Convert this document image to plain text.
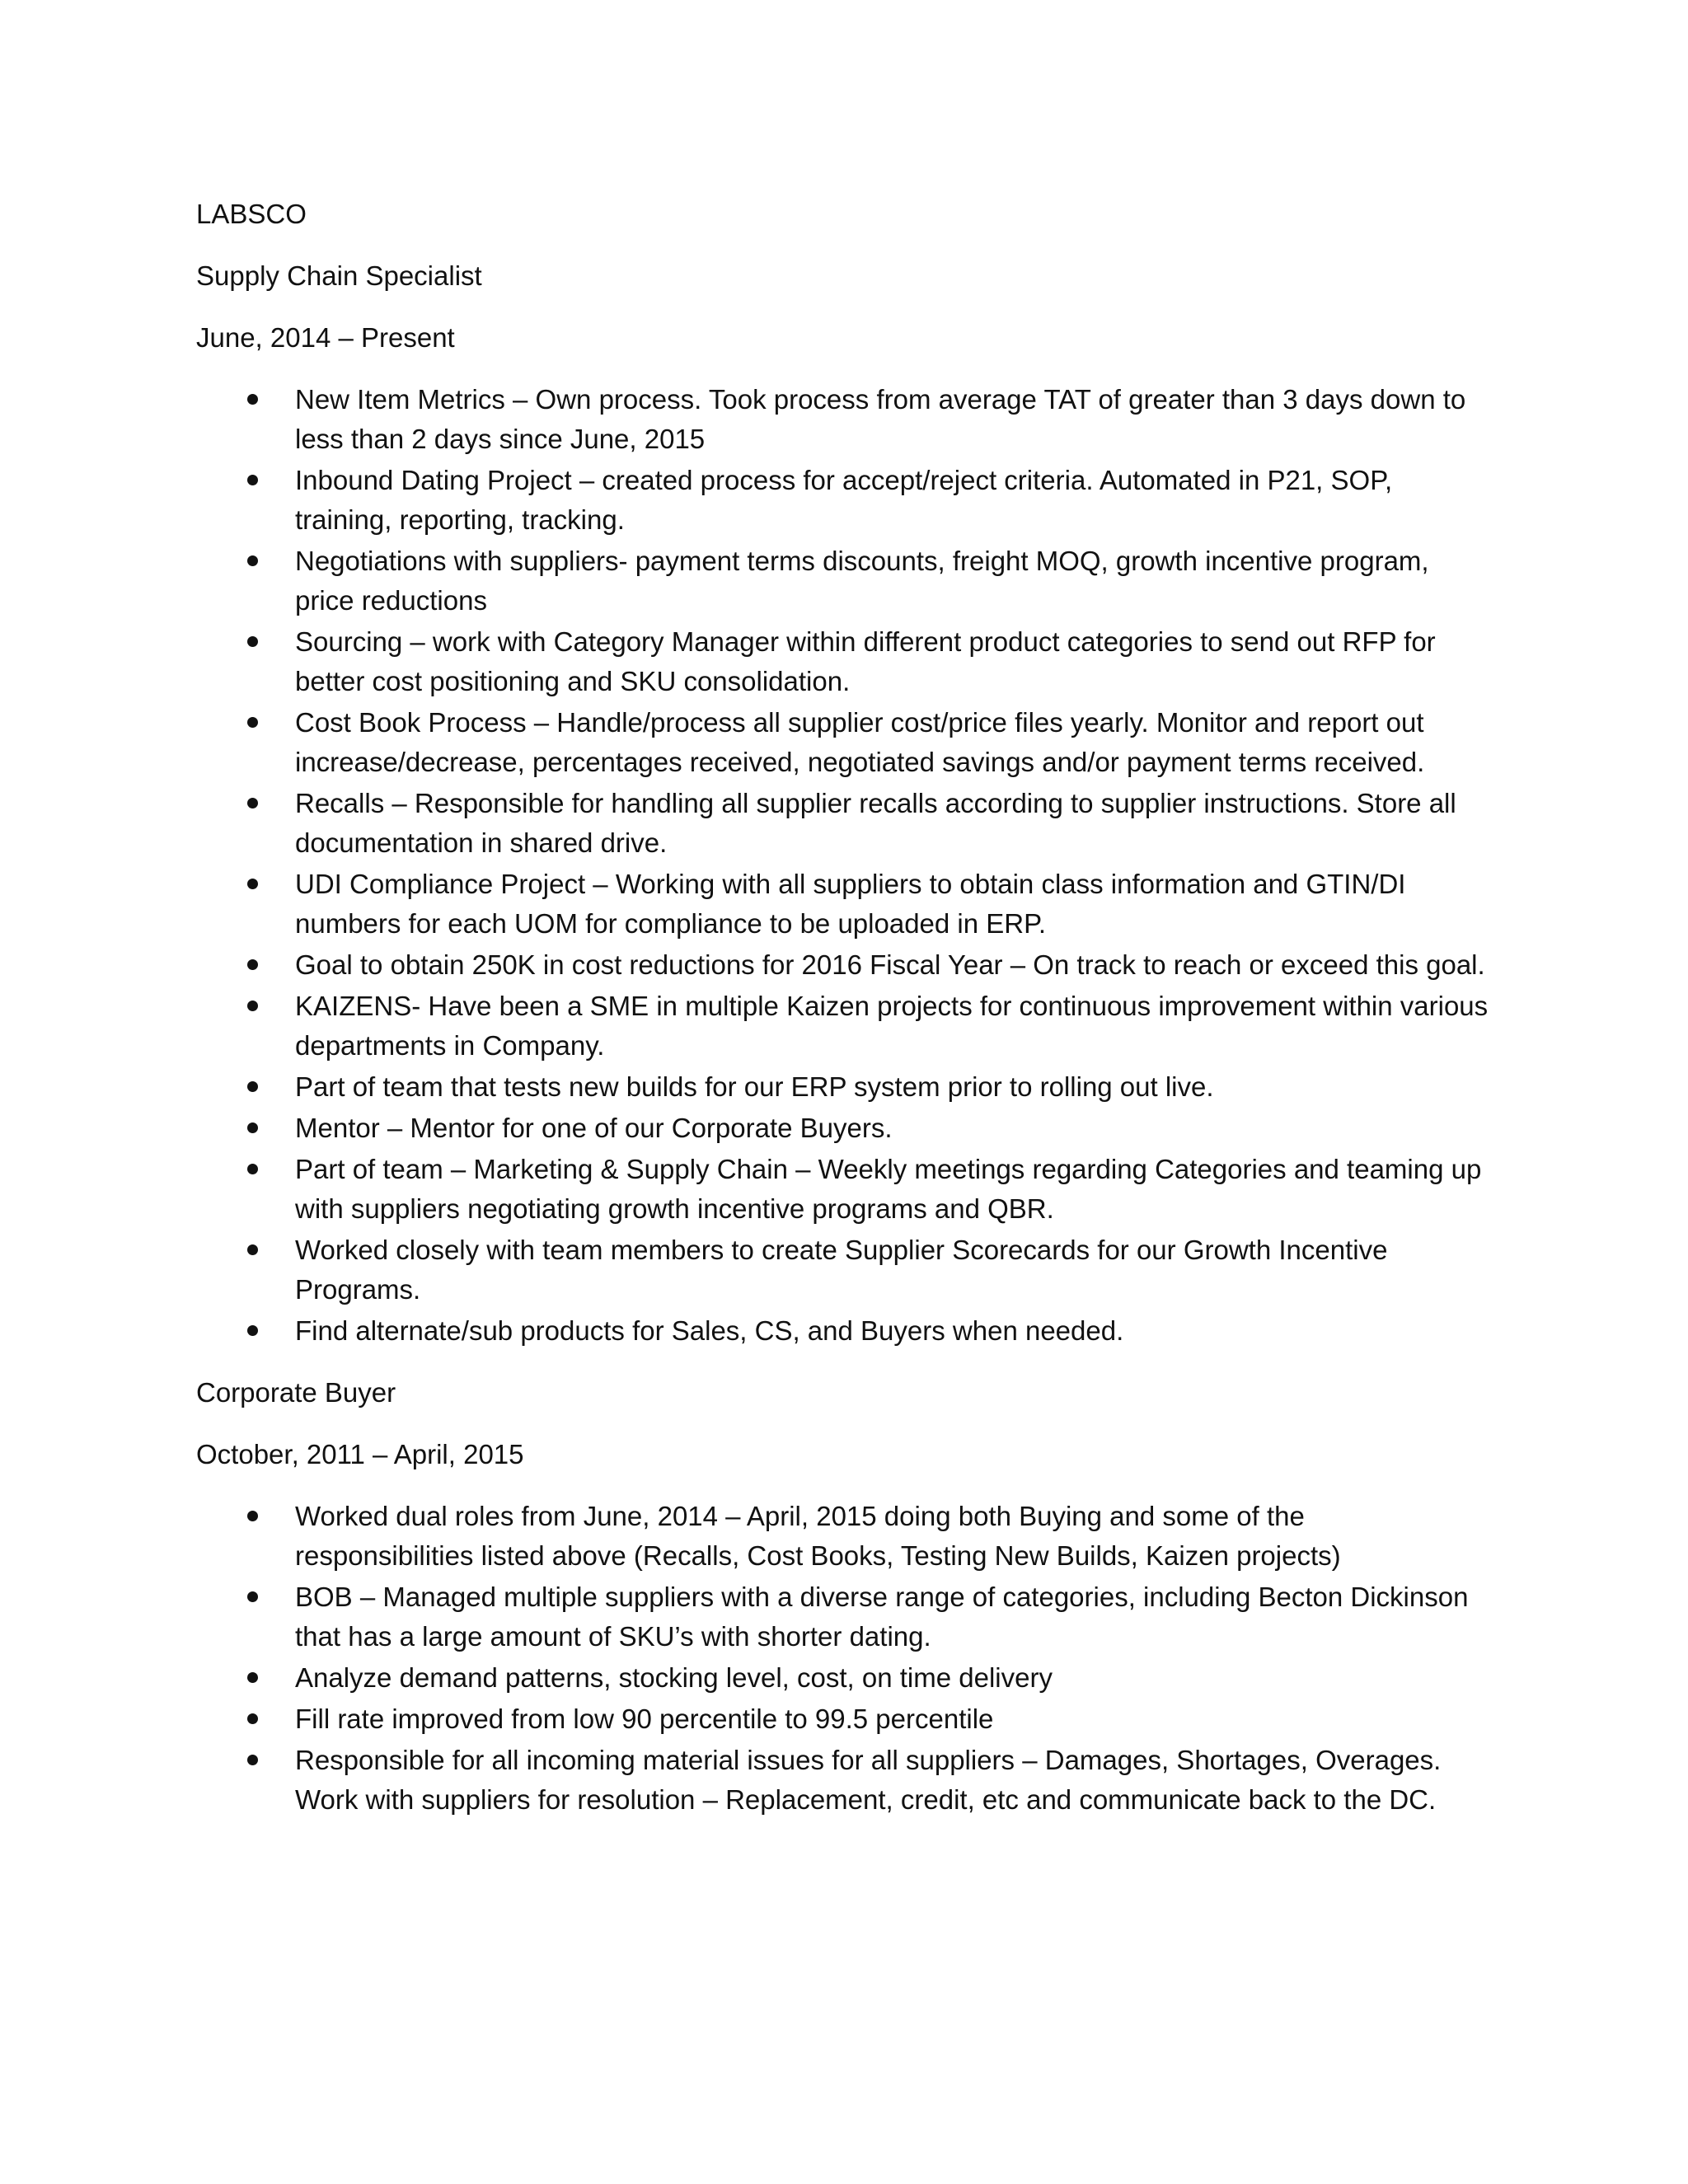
LABSCO

Supply Chain Specialist

June, 2014 – Present

New Item Metrics – Own process. Took process from average TAT of greater than 3 days down to less than 2 days since June, 2015
Inbound Dating Project – created process for accept/reject criteria. Automated in P21, SOP, training, reporting, tracking.
Negotiations with suppliers- payment terms discounts, freight MOQ, growth incentive program, price reductions
Sourcing – work with Category Manager within different product categories to send out RFP for better cost positioning and SKU consolidation.
Cost Book Process – Handle/process all supplier cost/price files yearly. Monitor and report out increase/decrease, percentages received, negotiated savings and/or payment terms received.
Recalls – Responsible for handling all supplier recalls according to supplier instructions. Store all documentation in shared drive.
UDI Compliance Project – Working with all suppliers to obtain class information and GTIN/DI numbers for each UOM for compliance to be uploaded in ERP.
Goal to obtain 250K in cost reductions for 2016 Fiscal Year – On track to reach or exceed this goal.
KAIZENS- Have been a SME in multiple Kaizen projects for continuous improvement within various departments in Company.
Part of team that tests new builds for our ERP system prior to rolling out live.
Mentor – Mentor for one of our Corporate Buyers.
Part of team – Marketing & Supply Chain – Weekly meetings regarding Categories and teaming up with suppliers negotiating growth incentive programs and QBR.
Worked closely with team members to create Supplier Scorecards for our Growth Incentive Programs.
Find alternate/sub products for Sales, CS, and Buyers when needed.

Corporate Buyer

October, 2011 – April, 2015

Worked dual roles from June, 2014 – April, 2015 doing both Buying and some of the responsibilities listed above (Recalls, Cost Books, Testing New Builds, Kaizen projects)
BOB – Managed multiple suppliers with a diverse range of categories, including Becton Dickinson that has a large amount of SKU’s with shorter dating.
Analyze demand patterns, stocking level, cost, on time delivery
Fill rate improved from low 90 percentile to 99.5 percentile
Responsible for all incoming material issues for all suppliers – Damages, Shortages, Overages. Work with suppliers for resolution – Replacement, credit, etc and communicate back to the DC.
